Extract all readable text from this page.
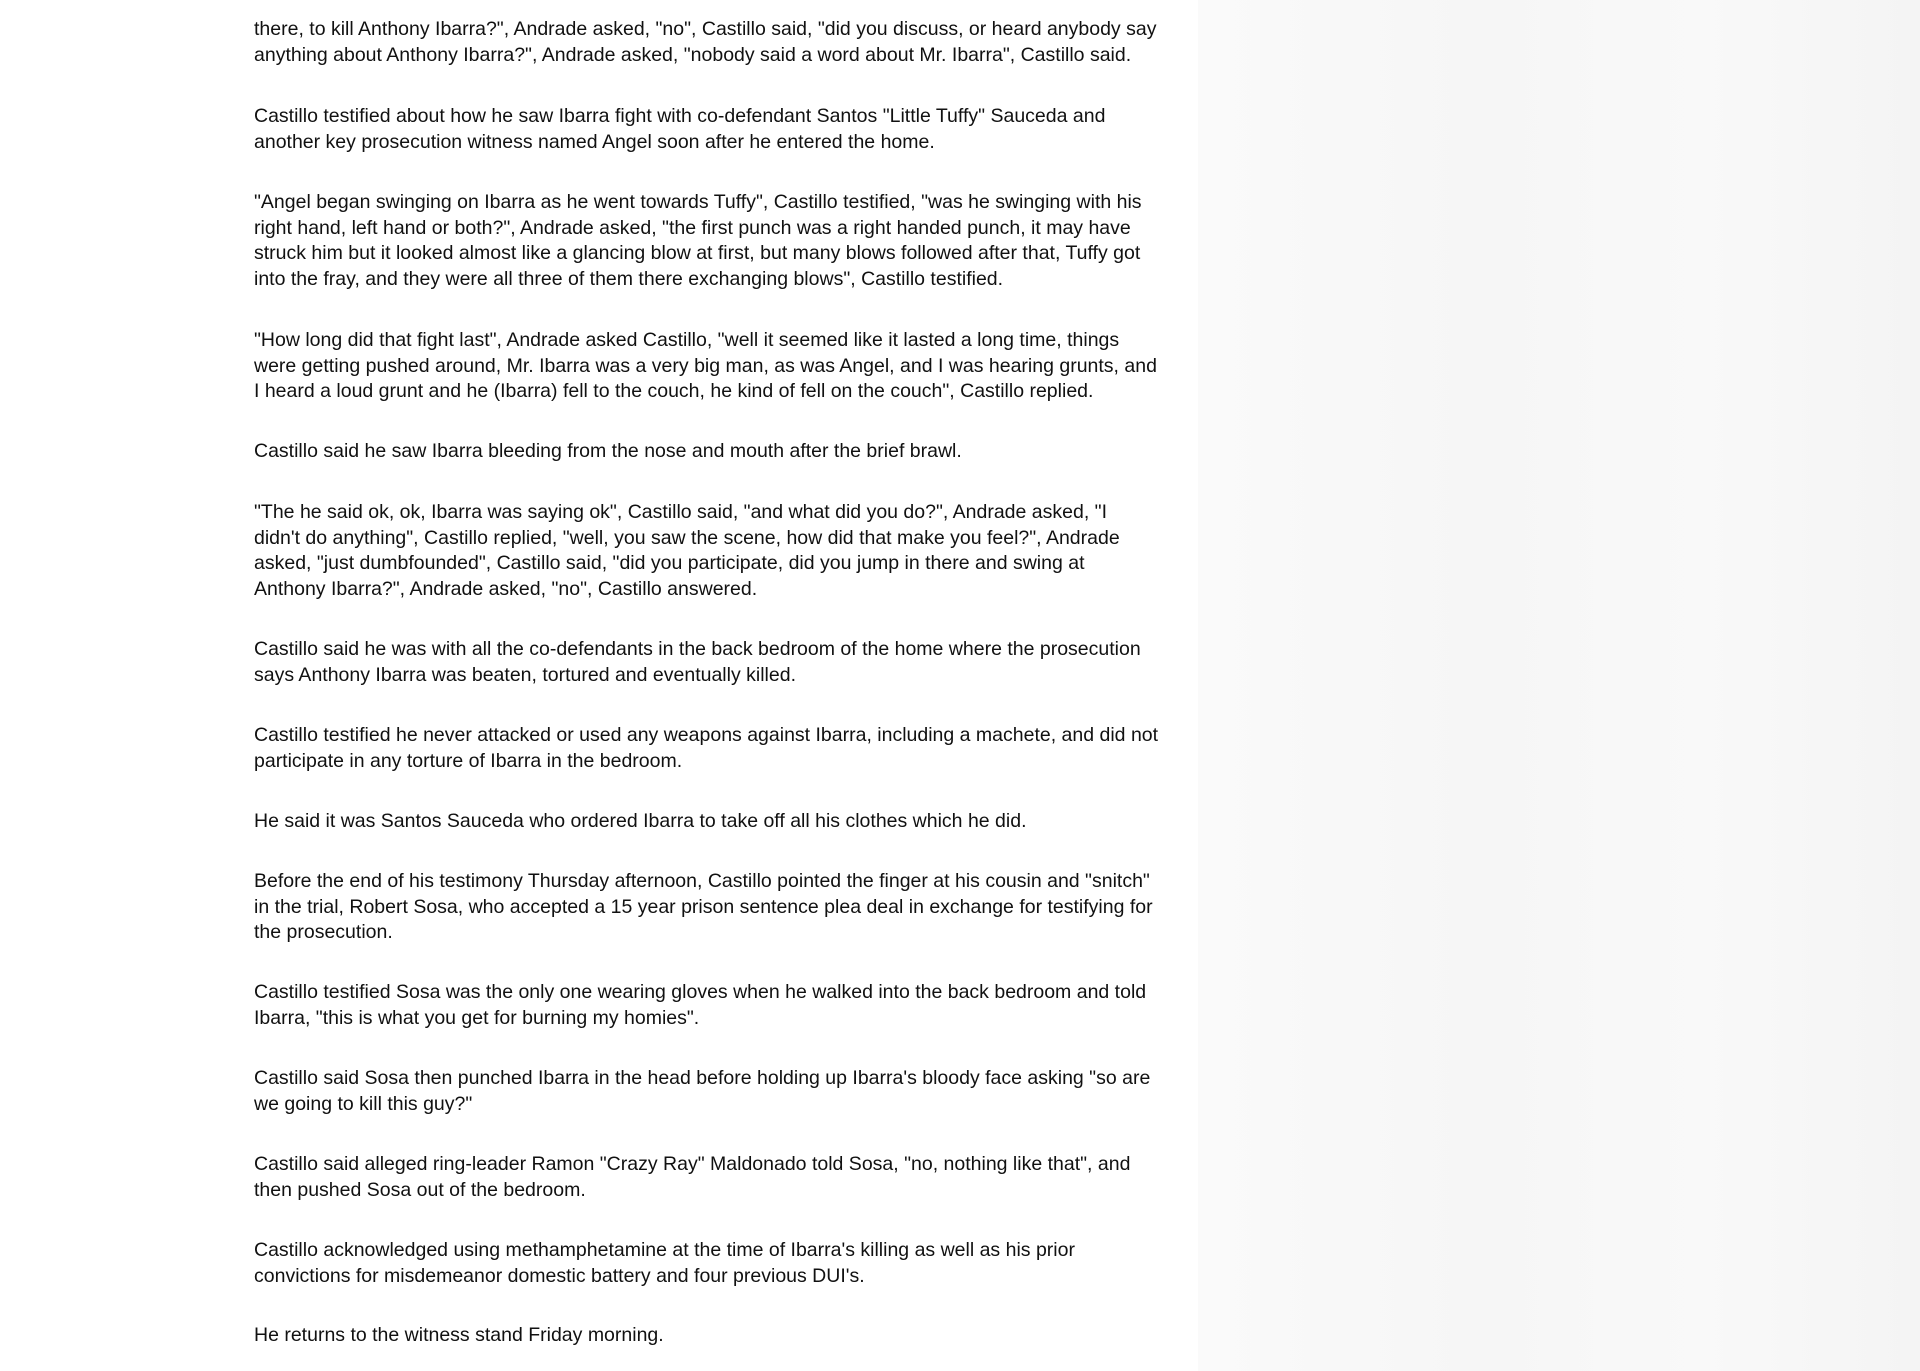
there, to kill Anthony Ibarra?", Andrade asked, "no", Castillo said, "did you discuss, or heard anybody say
anything about Anthony Ibarra?", Andrade asked, "nobody said a word about Mr. Ibarra", Castillo said.

Castillo testified about how he saw Ibarra fight with co-defendant Santos "Little Tuffy" Sauceda and
another key prosecution witness named Angel soon after he entered the home.

"Angel began swinging on Ibarra as he went towards Tuffy", Castillo testified, "was he swinging with his
right hand, left hand or both?", Andrade asked, "the first punch was a right handed punch, it may have
struck him but it looked almost like a glancing blow at first, but many blows followed after that, Tuffy got
into the fray, and they were all three of them there exchanging blows", Castillo testified.

"How long did that fight last", Andrade asked Castillo, "well it seemed like it lasted a long time, things
were getting pushed around, Mr. Ibarra was a very big man, as was Angel, and I was hearing grunts, and
I heard a loud grunt and he (Ibarra) fell to the couch, he kind of fell on the couch", Castillo replied.

Castillo said he saw Ibarra bleeding from the nose and mouth after the brief brawl.

"The he said ok, ok, Ibarra was saying ok", Castillo said, "and what did you do?", Andrade asked, "I
didn't do anything", Castillo replied, "well, you saw the scene, how did that make you feel?", Andrade
asked, "just dumbfounded", Castillo said, "did you participate, did you jump in there and swing at
Anthony Ibarra?", Andrade asked, "no", Castillo answered.

Castillo said he was with all the co-defendants in the back bedroom of the home where the prosecution
says Anthony Ibarra was beaten, tortured and eventually killed.

Castillo testified he never attacked or used any weapons against Ibarra, including a machete, and did not
participate in any torture of Ibarra in the bedroom.

He said it was Santos Sauceda who ordered Ibarra to take off all his clothes which he did.

Before the end of his testimony Thursday afternoon, Castillo pointed the finger at his cousin and "snitch"
in the trial, Robert Sosa, who accepted a 15 year prison sentence plea deal in exchange for testifying for
the prosecution.

Castillo testified Sosa was the only one wearing gloves when he walked into the back bedroom and told
Ibarra, "this is what you get for burning my homies".

Castillo said Sosa then punched Ibarra in the head before holding up Ibarra's bloody face asking "so are
we going to kill this guy?"

Castillo said alleged ring-leader Ramon "Crazy Ray" Maldonado told Sosa, "no, nothing like that", and
then pushed Sosa out of the bedroom.

Castillo acknowledged using methamphetamine at the time of Ibarra's killing as well as his prior
convictions for misdemeanor domestic battery and four previous DUI's.

He returns to the witness stand Friday morning.
